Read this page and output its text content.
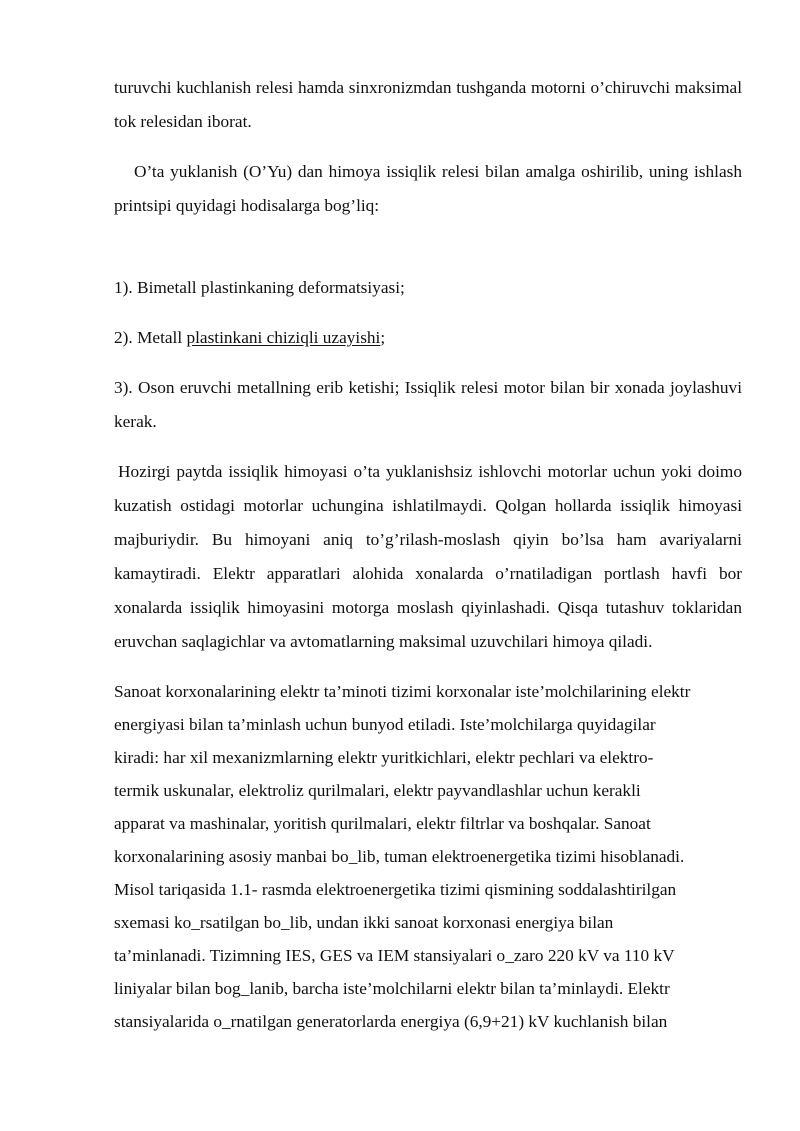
turuvchi kuchlanish relesi hamda sinxronizmdan tushganda motorni o’chiruvchi maksimal tok relesidan iborat.

O’ta yuklanish (O’Yu) dan himoya issiqlik relesi bilan amalga oshirilib, uning ishlash printsipi quyidagi hodisalarga bog’liq:

1). Bimetall plastinkaning deformatsiyasi;

2). Metall plastinkani chiziqli uzayishi;

3). Oson eruvchi metallning erib ketishi; Issiqlik relesi motor bilan bir xonada joylashuvi kerak.

Hozirgi paytda issiqlik himoyasi o’ta yuklanishsiz ishlovchi motorlar uchun yoki doimo kuzatish ostidagi motorlar uchungina ishlatilmaydi. Qolgan hollarda issiqlik himoyasi majburiydir. Bu himoyani aniq to’g’rilash-moslash qiyin bo’lsa ham avariyalarni kamaytiradi. Elektr apparatlari alohida xonalarda o’rnatiladigan portlash havfi bor xonalarda issiqlik himoyasini motorga moslash qiyinlashadi. Qisqa tutashuv toklaridan eruvchan saqlagichlar va avtomatlarning maksimal uzuvchilari himoya qiladi.

Sanoat korxonalarining elektr ta’minoti tizimi korxonalar iste’molchilarining elektr
energiyasi bilan ta’minlash uchun bunyod etiladi. Iste’molchilarga quyidagilar
kiradi: har xil mexanizmlarning elektr yuritkichlari, elektr pechlari va elektro-
termik uskunalar, elektroliz qurilmalari, elektr payvandlashlar uchun kerakli
apparat va mashinalar, yoritish qurilmalari, elektr filtrlar va boshqalar. Sanoat
korxonalarining asosiy manbai bo_lib, tuman elektroenergetika tizimi hisoblanadi.
Misol tariqasida 1.1- rasmda elektroenergetika tizimi qismining soddalashtirilgan
sxemasi ko_rsatilgan bo_lib, undan ikki sanoat korxonasi energiya bilan
ta’minlanadi. Tizimning IES, GES va IEM stansiyalari o_zaro 220 kV va 110 kV
liniyalar bilan bog_lanib, barcha iste’molchilarni elektr bilan ta’minlaydi. Elektr
stansiyalarida o_rnatilgan generatorlarda energiya (6,9+21) kV kuchlanish bilan
